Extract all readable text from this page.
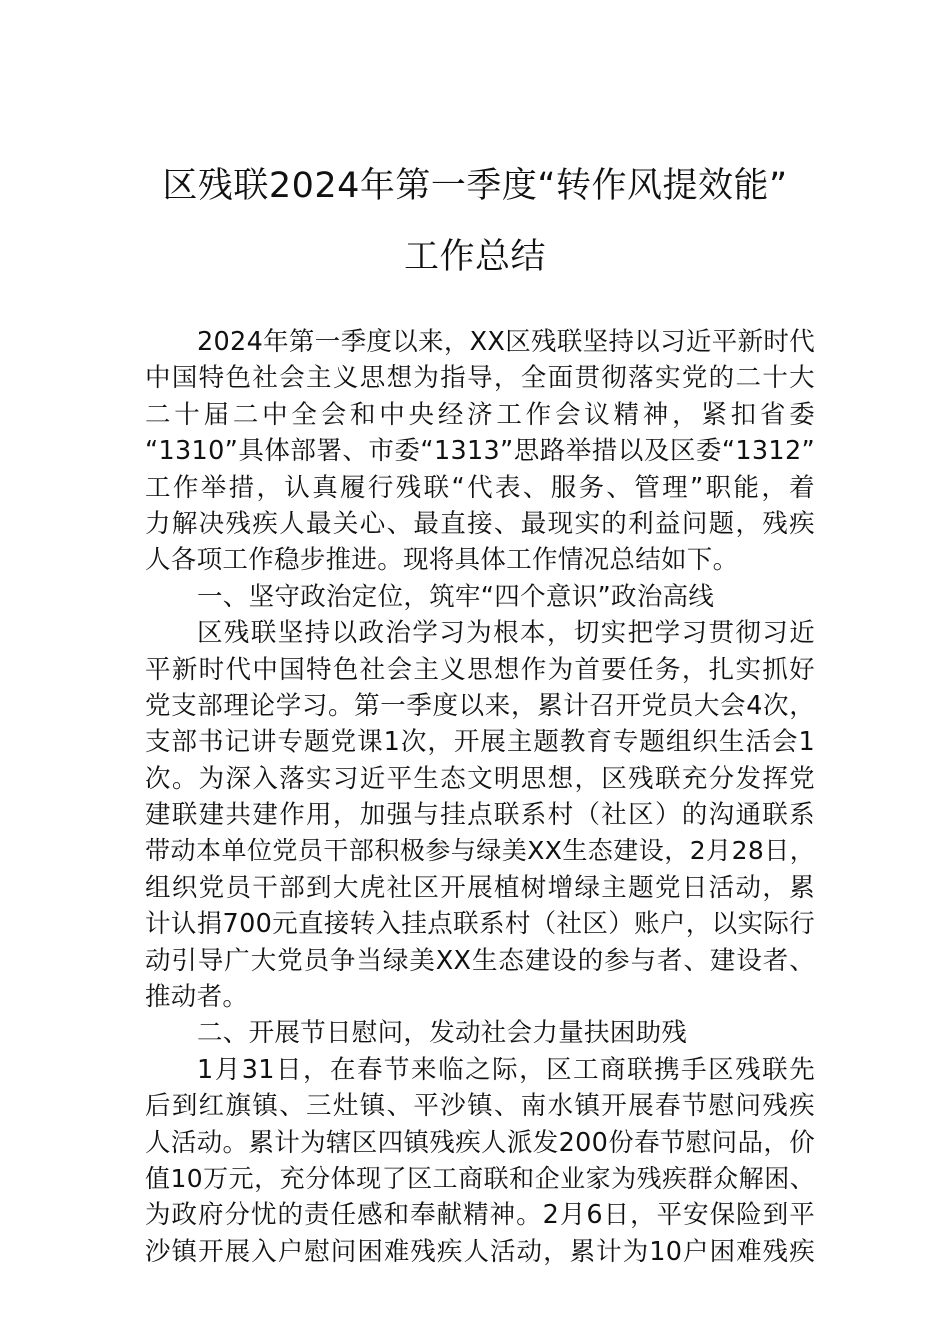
区残联2024年第一季度“转作风提效能”
工作总结
2024年第一季度以来，XX区残联坚持以习近平新时代
中国特色社会主义思想为指导，全面贯彻落实党的二十大
二十届二中全会和中央经济工作会议精神，紧扣省委
“1310”具体部署、市委“1313”思路举措以及区委“1312”
工作举措，认真履行残联“代表、服务、管理”职能，着
力解决残疾人最关心、最直接、最现实的利益问题，残疾
人各项工作稳步推进。现将具体工作情况总结如下。
一、坚守政治定位，筑牢“四个意识”政治高线
区残联坚持以政治学习为根本，切实把学习贯彻习近
平新时代中国特色社会主义思想作为首要任务，扎实抓好
党支部理论学习。第一季度以来，累计召开党员大会4次，
支部书记讲专题党课1次，开展主题教育专题组织生活会1
次。为深入落实习近平生态文明思想，区残联充分发挥党
建联建共建作用，加强与挂点联系村（社区）的沟通联系
带动本单位党员干部积极参与绿美XX生态建设，2月28日，
组织党员干部到大虎社区开展植树增绿主题党日活动，累
计认捐700元直接转入挂点联系村（社区）账户，以实际行
动引导广大党员争当绿美XX生态建设的参与者、建设者、
推动者。
二、开展节日慰问，发动社会力量扶困助残
1月31日，在春节来临之际，区工商联携手区残联先
后到红旗镇、三灶镇、平沙镇、南水镇开展春节慰问残疾
人活动。累计为辖区四镇残疾人派发200份春节慰问品，价
值10万元，充分体现了区工商联和企业家为残疾群众解困、
为政府分忧的责任感和奉献精神。2月6日，平安保险到平
沙镇开展入户慰问困难残疾人活动，累计为10户困难残疾
